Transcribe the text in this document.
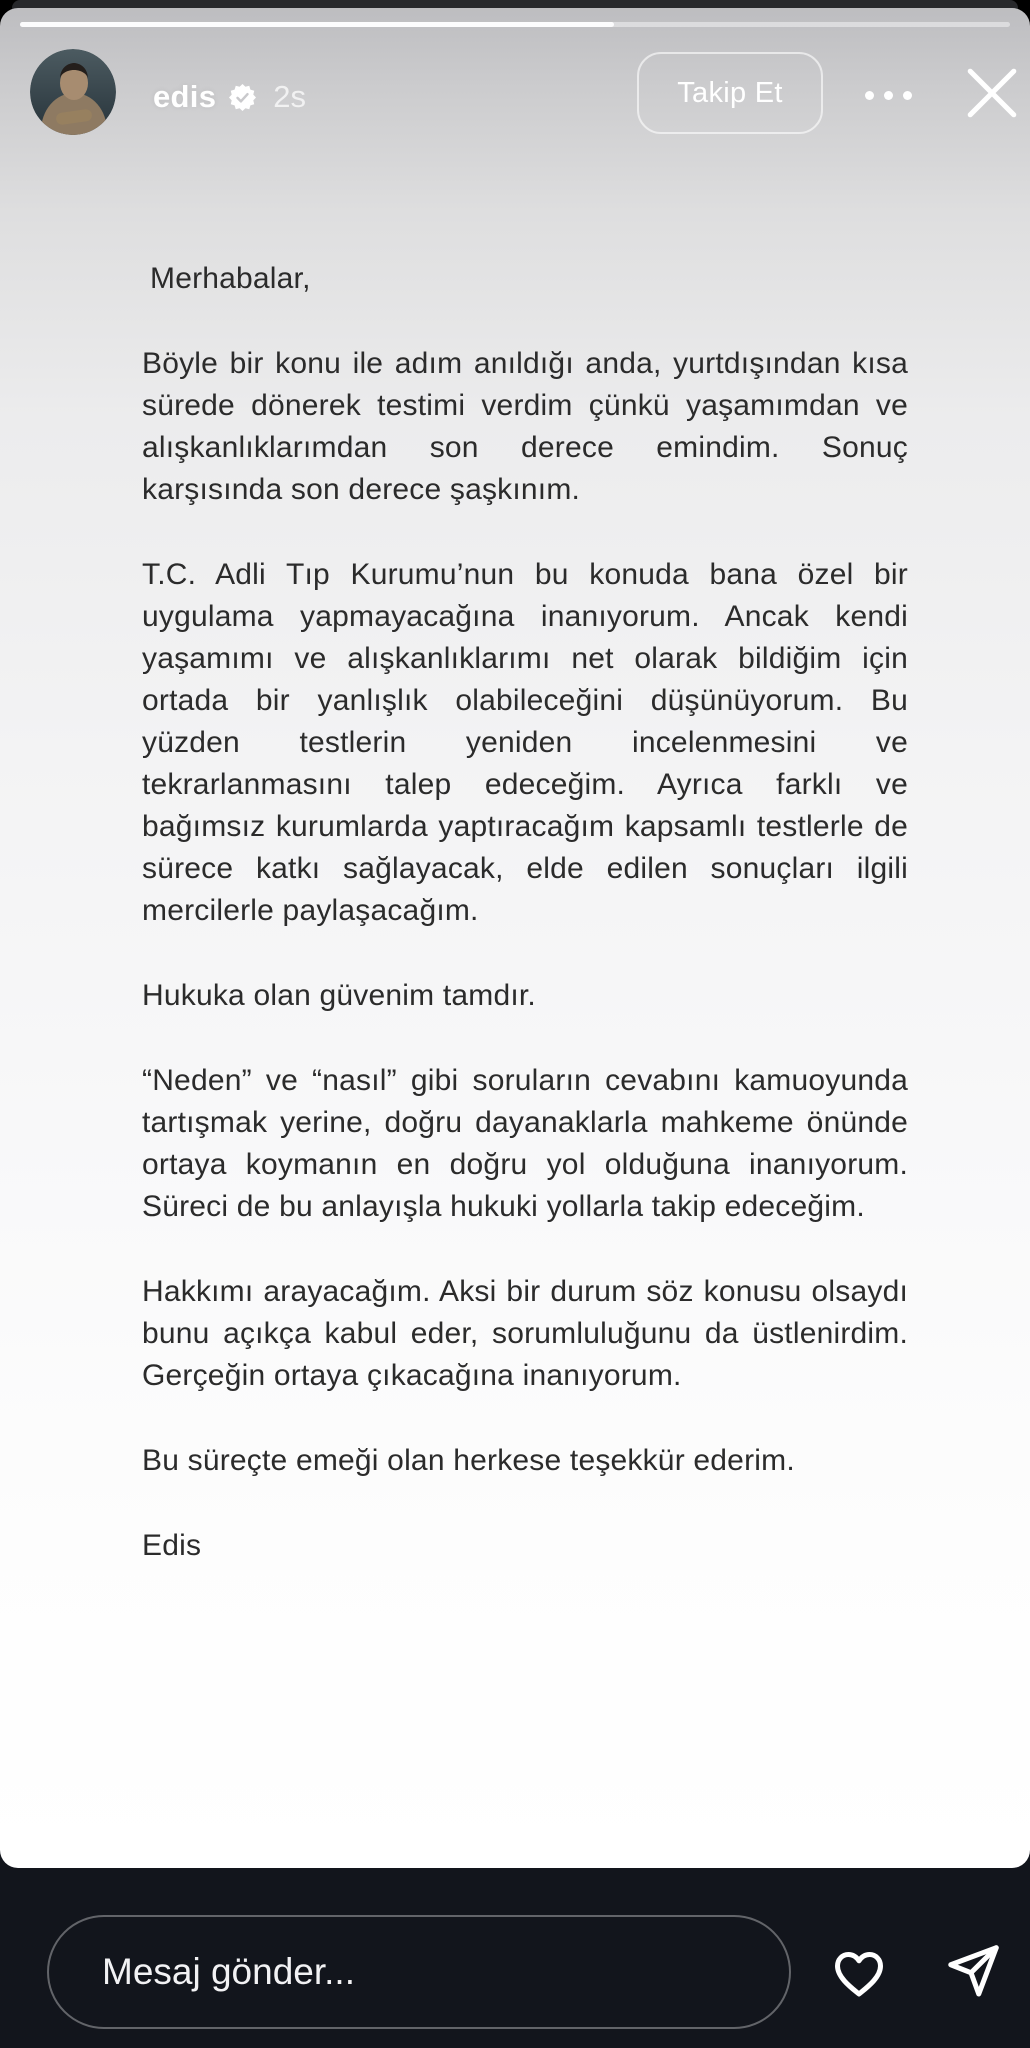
Mesaj gönder...
edis 2s	Takip Et

Merhabalar,

Böyle bir konu ile adım anıldığı anda, yurtdışından kısa sürede dönerek testimi verdim çünkü yaşamımdan ve alışkanlıklarımdan son derece emindim. Sonuç karşısında son derece şaşkınım.

T.C. Adli Tıp Kurumu’nun bu konuda bana özel bir uygulama yapmayacağına inanıyorum. Ancak kendi yaşamımı ve alışkanlıklarımı net olarak bildiğim için ortada bir yanlışlık olabileceğini düşünüyorum. Bu yüzden testlerin yeniden incelenmesini ve tekrarlanmasını talep edeceğim. Ayrıca farklı ve bağımsız kurumlarda yaptıracağım kapsamlı testlerle de sürece katkı sağlayacak, elde edilen sonuçları ilgili mercilerle paylaşacağım.

Hukuka olan güvenim tamdır.

“Neden” ve “nasıl” gibi soruların cevabını kamuoyunda tartışmak yerine, doğru dayanaklarla mahkeme önünde ortaya koymanın en doğru yol olduğuna inanıyorum. Süreci de bu anlayışla hukuki yollarla takip edeceğim.

Hakkımı arayacağım. Aksi bir durum söz konusu olsaydı bunu açıkça kabul eder, sorumluluğunu da üstlenirdim. Gerçeğin ortaya çıkacağına inanıyorum.

Bu süreçte emeği olan herkese teşekkür ederim.

Edis
